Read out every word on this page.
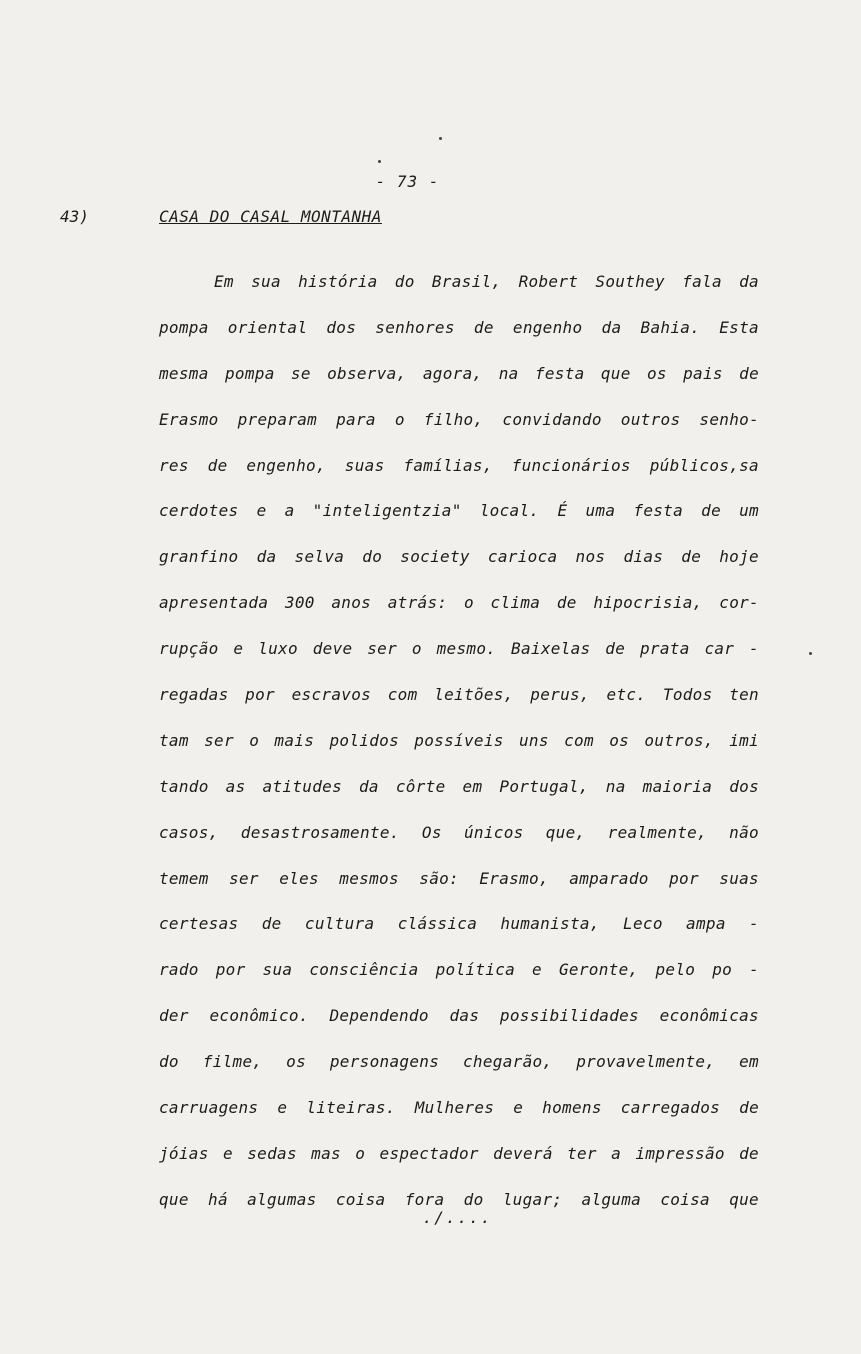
- 73 -
43)	CASA DO CASAL MONTANHA
Em sua história do Brasil, Robert Southey fala da
pompa oriental dos senhores de engenho da Bahia. Esta
mesma pompa se observa, agora, na festa que os pais de
Erasmo preparam para o filho, convidando outros senho-
res de engenho, suas famílias, funcionários públicos,sa
cerdotes e a "inteligentzia" local. É uma festa de um
granfino da selva do society carioca nos dias de hoje
apresentada 300 anos atrás: o clima de hipocrisia, cor-
rupção e luxo deve ser o mesmo. Baixelas de prata car -
regadas por escravos com leitões, perus, etc. Todos ten
tam ser o mais polidos possíveis uns com os outros, imi
tando as atitudes da côrte em Portugal, na maioria dos
casos, desastrosamente. Os únicos que, realmente, não
temem ser eles mesmos são: Erasmo, amparado por suas
certesas de cultura clássica humanista, Leco ampa -
rado por sua consciência política e Geronte, pelo po -
der econômico. Dependendo das possibilidades econômicas
do filme, os personagens chegarão, provavelmente, em
carruagens e liteiras. Mulheres e homens carregados de
jóias e sedas mas o espectador deverá ter a impressão de
que há algumas coisa fora do lugar; alguma coisa que
./....
